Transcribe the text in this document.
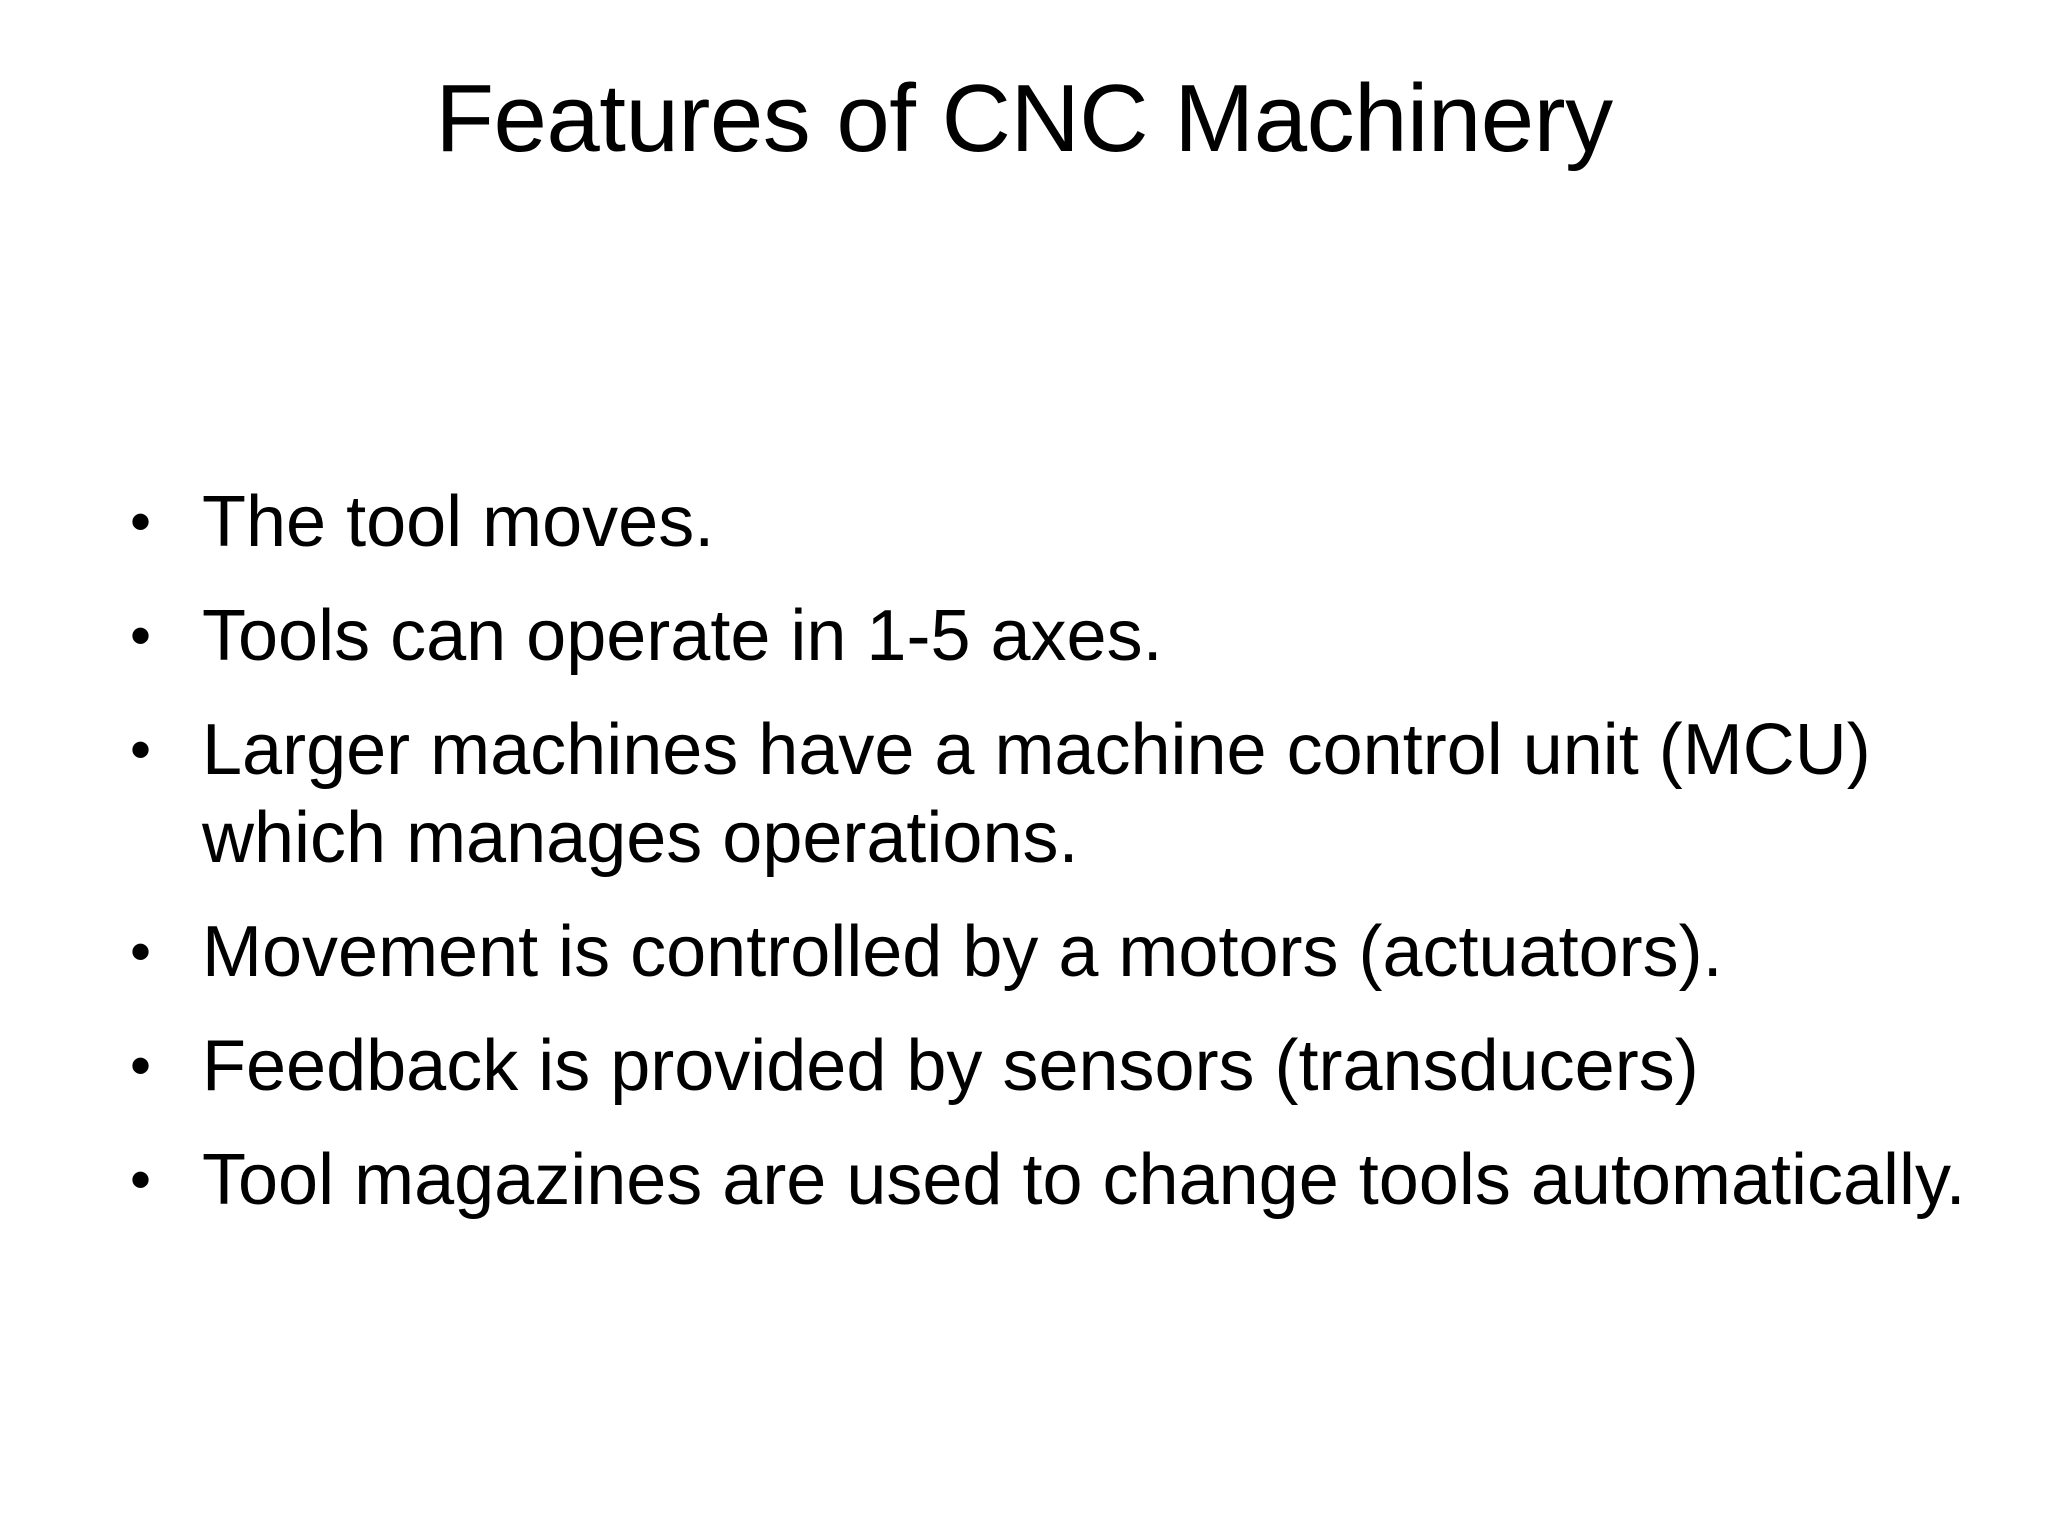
Features of CNC Machinery
• The tool moves.
• Tools can operate in 1-5 axes.
• Larger machines have a machine control unit (MCU) which manages operations.
• Movement is controlled by a motors (actuators).
• Feedback is provided by sensors (transducers)
• Tool magazines are used to change tools automatically.
